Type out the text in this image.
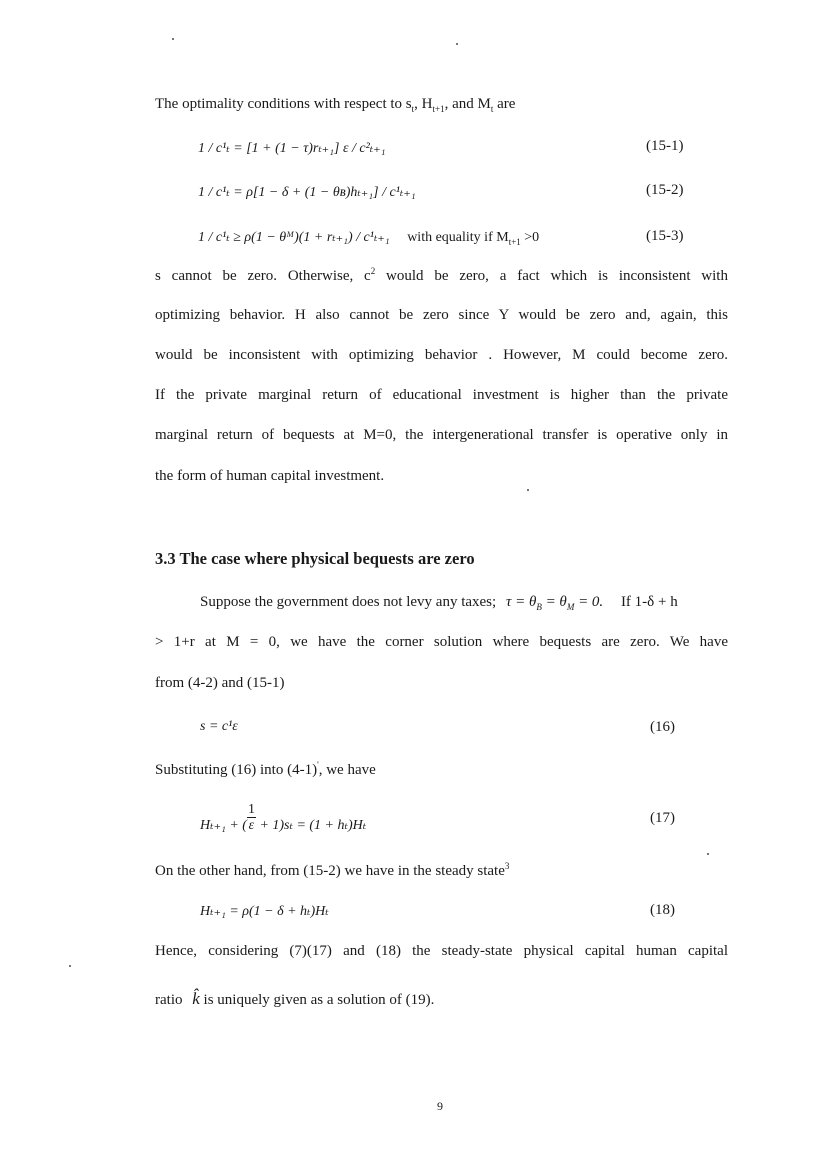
The optimality conditions with respect to $s_t$, $H_{t+1}$, and $M_t$ are
1 / c¹ₜ = [1 + (1 − τ)rₜ₊₁] ε / c²ₜ₊₁	(15-1)
1 / c¹ₜ = ρ[1 − δ + (1 − θʙ)hₜ₊₁] / c¹ₜ₊₁	(15-2)
1 / c¹ₜ ≥ ρ(1 − θᴹ)(1 + rₜ₊₁) / c¹ₜ₊₁ with equality if $M_{t+1} >0$	(15-3)
s cannot be zero. Otherwise, $c^2$ would be zero, a fact which is inconsistent with
optimizing behavior. H also cannot be zero since Y would be zero and, again, this
would be inconsistent with optimizing behavior . However, M could become zero.
If the private marginal return of educational investment is higher than the private
marginal return of bequests at M=0, the intergenerational transfer is operative only in
the form of human capital investment.
3.3 The case where physical bequests are zero
Suppose the government does not levy any taxes; $\tau = \theta_B = \theta_M = 0$. If 1-δ + h
> 1+r at M = 0, we have the corner solution where bequests are zero. We have
from (4-2) and (15-1)
s = c¹ε	(16)
Substituting (16) into (4-1)', we have
Hₜ₊₁ + ( $\frac{1}{\varepsilon} + 1)s_t = (1 + h_t)H_t$	(17)
On the other hand, from (15-2) we have in the steady state$^3$
Hₜ₊₁ = ρ(1 − δ + hₜ)Hₜ	(18)
Hence, considering (7)(17) and (18) the steady-state physical capital human capital
ratio k̂ is uniquely given as a solution of (19).
9
